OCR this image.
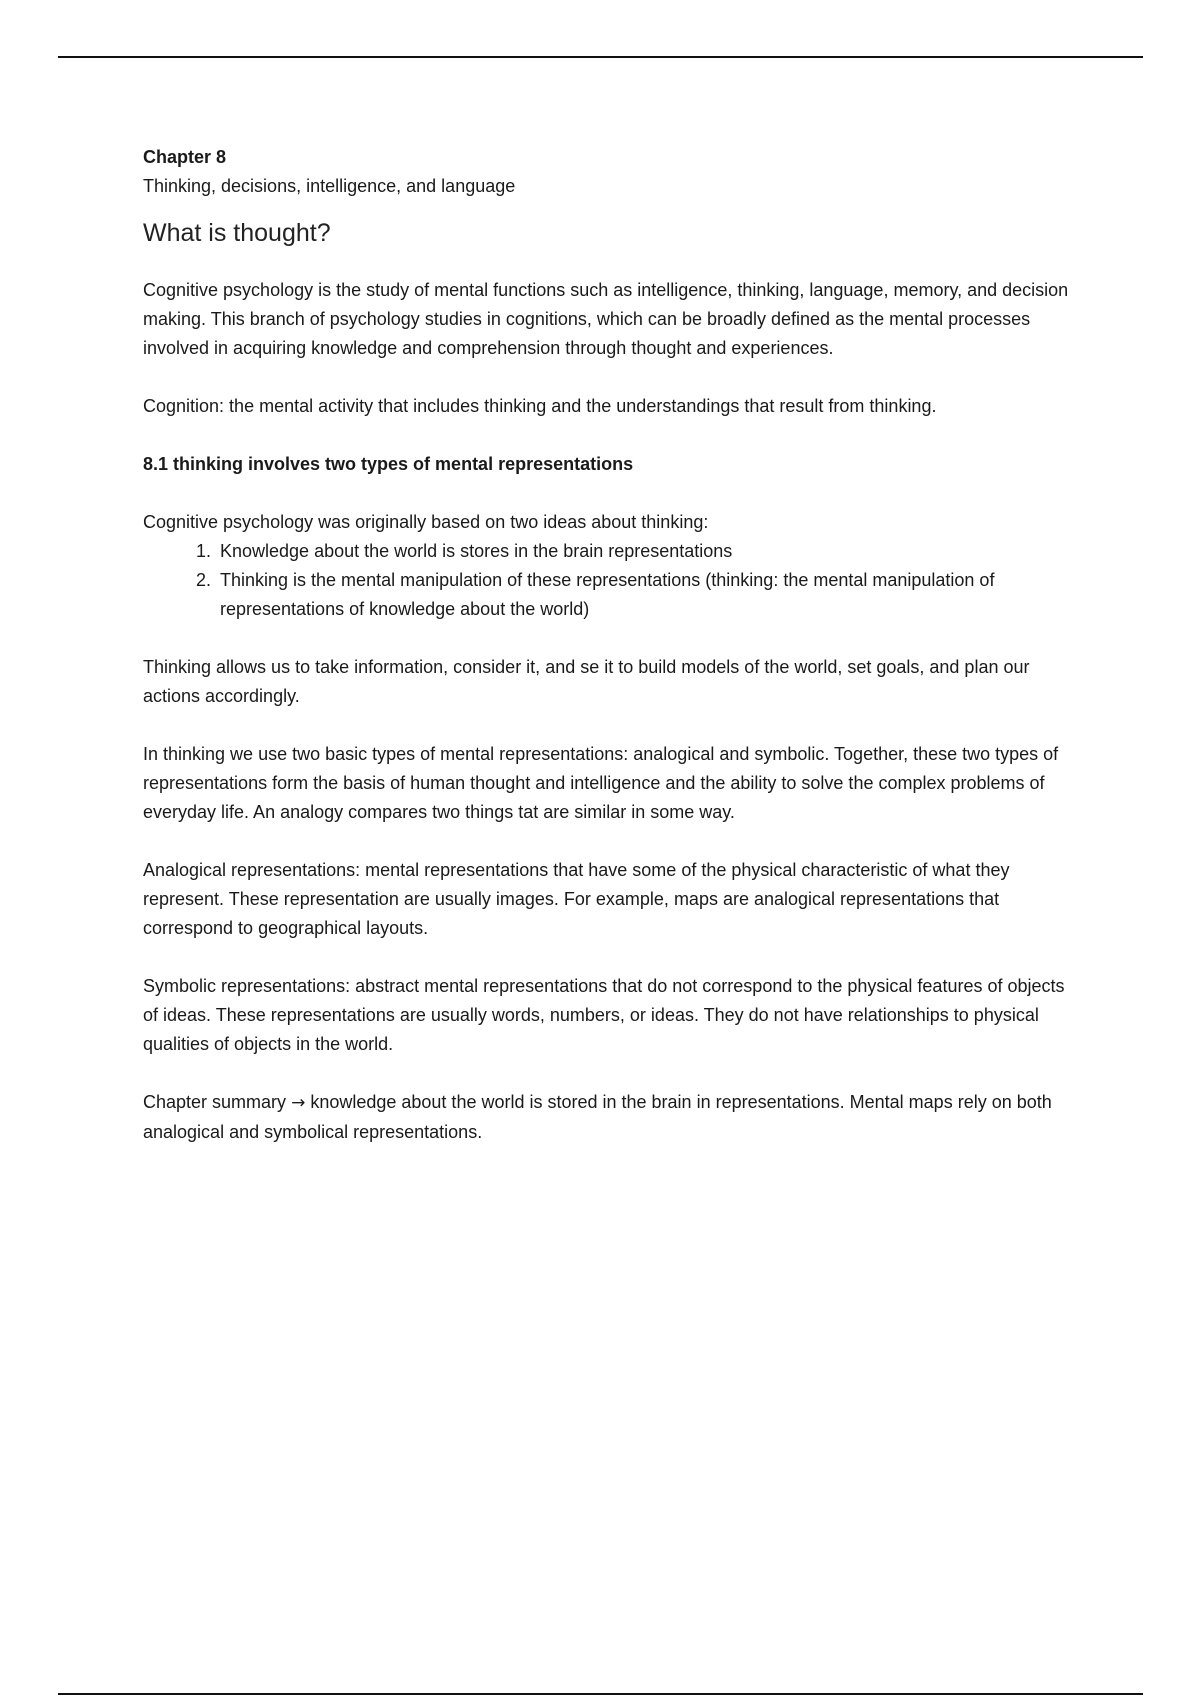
Chapter 8
Thinking, decisions, intelligence, and language
What is thought?

Cognitive psychology is the study of mental functions such as intelligence, thinking, language, memory, and decision making. This branch of psychology studies in cognitions, which can be broadly defined as the mental processes involved in acquiring knowledge and comprehension through thought and experiences.

Cognition: the mental activity that includes thinking and the understandings that result from thinking.

8.1 thinking involves two types of mental representations
Cognitive psychology was originally based on two ideas about thinking:
1. Knowledge about the world is stores in the brain representations
2. Thinking is the mental manipulation of these representations (thinking: the mental manipulation of representations of knowledge about the world)

Thinking allows us to take information, consider it, and se it to build models of the world, set goals, and plan our actions accordingly.

In thinking we use two basic types of mental representations: analogical and symbolic. Together, these two types of representations form the basis of human thought and intelligence and the ability to solve the complex problems of everyday life. An analogy compares two things tat are similar in some way.

Analogical representations: mental representations that have some of the physical characteristic of what they represent. These representation are usually images. For example, maps are analogical representations that correspond to geographical layouts.

Symbolic representations: abstract mental representations that do not correspond to the physical features of objects of ideas. These representations are usually words, numbers, or ideas. They do not have relationships to physical qualities of objects in the world.

Chapter summary → knowledge about the world is stored in the brain in representations. Mental maps rely on both analogical and symbolical representations.
